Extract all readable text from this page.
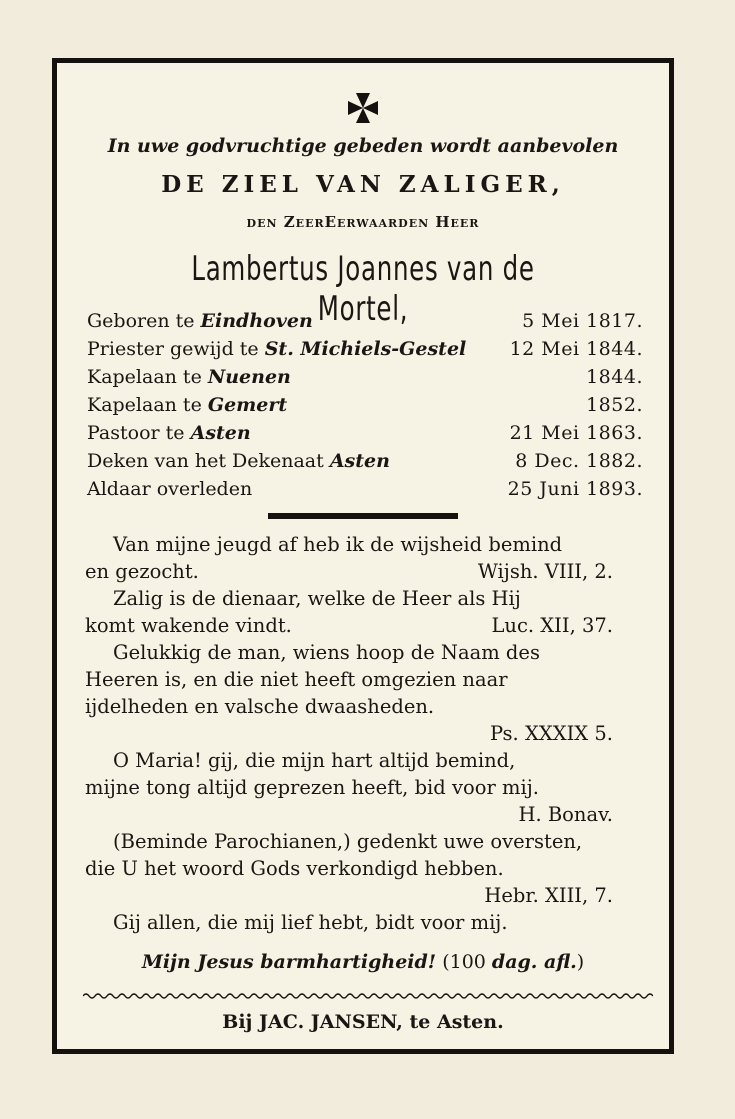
In uwe godvruchtige gebeden wordt aanbevolen
DE ZIEL VAN ZALIGER,
den ZeerEerwaarden Heer
Lambertus Joannes van de Mortel,
Geboren te Eindhoven	5 Mei 1817.
Priester gewijd te St. Michiels-Gestel 12 Mei 1844.
Kapelaan te Nuenen	1844.
Kapelaan te Gemert	1852.
Pastoor te Asten	21 Mei 1863.
Deken van het Dekenaat Asten	8 Dec. 1882.
Aldaar overleden	25 Juni 1893.
Van mijne jeugd af heb ik de wijsheid bemind
en gezocht.	Wijsh. VIII, 2.
Zalig is de dienaar, welke de Heer als Hij
komt wakende vindt.	Luc. XII, 37.
Gelukkig de man, wiens hoop de Naam des
Heeren is, en die niet heeft omgezien naar
ijdelheden en valsche dwaasheden.
Ps. XXXIX 5.
O Maria! gij, die mijn hart altijd bemind,
mijne tong altijd geprezen heeft, bid voor mij.
H. Bonav.
(Beminde Parochianen,) gedenkt uwe oversten,
die U het woord Gods verkondigd hebben.
Hebr. XIII, 7.
Gij allen, die mij lief hebt, bidt voor mij.
Mijn Jesus barmhartigheid! (100 dag. afl.)
Bij JAC. JANSEN, te Asten.
